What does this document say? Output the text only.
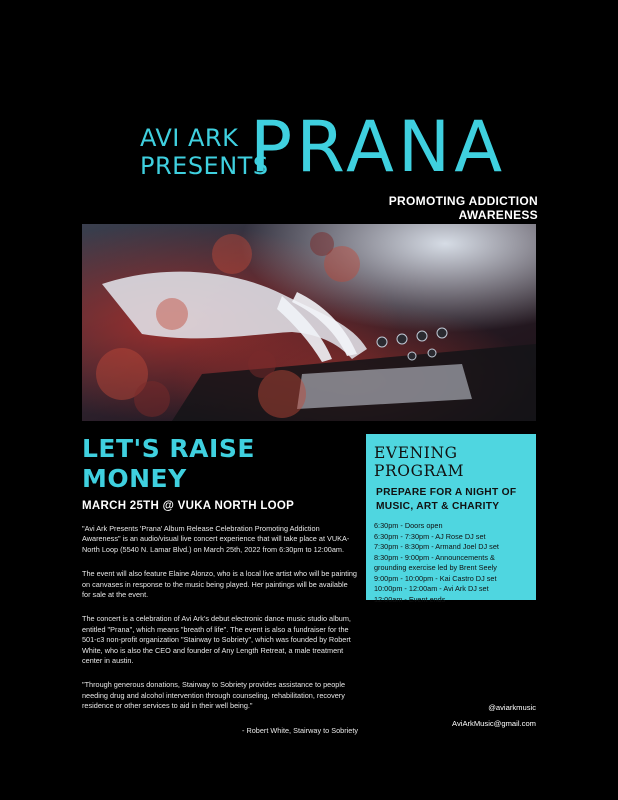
AVI ARK
PRESENTS
PRANA
PROMOTING ADDICTION AWARENESS
LET'S RAISE MONEY
MARCH 25TH @ VUKA NORTH LOOP

"Avi Ark Presents 'Prana' Album Release Celebration Promoting Addiction Awareness" is an audio/visual live concert experience that will take place at VUKA-North Loop (5540 N. Lamar Blvd.) on March 25th, 2022 from 6:30pm to 12:00am.

The event will also feature Elaine Alonzo, who is a local live artist who will be painting on canvases in response to the music being played. Her paintings will be available for sale at the event.

The concert is a celebration of Avi Ark's debut electronic dance music studio album, entitled "Prana", which means "breath of life". The event is also a fundraiser for the 501-c3 non-profit organization "Stairway to Sobriety", which was founded by Robert White, who is also the CEO and founder of Any Length Retreat, a male treatment center in austin.

"Through generous donations, Stairway to Sobriety provides assistance to people needing drug and alcohol intervention through counseling, rehabilitation, recovery residence or other services to aid in their well being."

- Robert White, Stairway to Sobriety

EVENING PROGRAM
PREPARE FOR A NIGHT OF MUSIC, ART & CHARITY
6:30pm - Doors open
6:30pm - 7:30pm - AJ Rose DJ set
7:30pm - 8:30pm - Armand Joel DJ set
8:30pm - 9:00pm - Announcements & grounding exercise led by Brent Seely
9:00pm - 10:00pm - Kai Castro DJ set
10:00pm - 12:00am - Avi Ark DJ set
12:00am - Event ends
@aviarkmusic
AviArkMusic@gmail.com
